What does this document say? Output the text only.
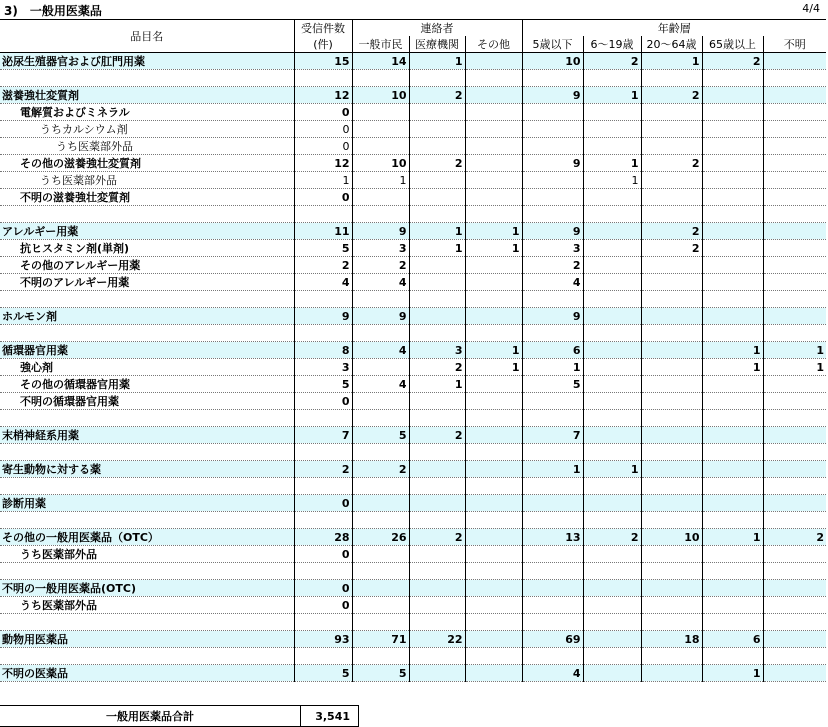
3)　一般用医薬品	4/4
品目名	受信件数	連絡者			年齢層				
	(件)	一般市民	医療機関	その他	5歳以下	6～19歳	20～64歳	65歳以上	不明
泌尿生殖器官および肛門用薬	15	14	1		10	2	1	2	

滋養強壮変質剤	12	10	2		9	1	2		
電解質およびミネラル	0								
うちカルシウム剤	0								
うち医薬部外品	0								
その他の滋養強壮変質剤	12	10	2		9	1	2		
うち医薬部外品	1	1				1			
不明の滋養強壮変質剤	0								

アレルギー用薬	11	9	1	1	9		2		
抗ヒスタミン剤(単剤)	5	3	1	1	3		2		
その他のアレルギー用薬	2	2			2				
不明のアレルギー用薬	4	4			4				

ホルモン剤	9	9			9				

循環器官用薬	8	4	3	1	6			1	1
強心剤	3		2	1	1			1	1
その他の循環器官用薬	5	4	1		5				
不明の循環器官用薬	0								

末梢神経系用薬	7	5	2		7				

寄生動物に対する薬	2	2			1	1			

診断用薬	0								

その他の一般用医薬品（OTC）	28	26	2		13	2	10	1	2
うち医薬部外品	0								

不明の一般用医薬品(OTC)	0								
うち医薬部外品	0								

動物用医薬品	93	71	22		69		18	6	

不明の医薬品	5	5			4			1	
一般用医薬品合計	3,541
